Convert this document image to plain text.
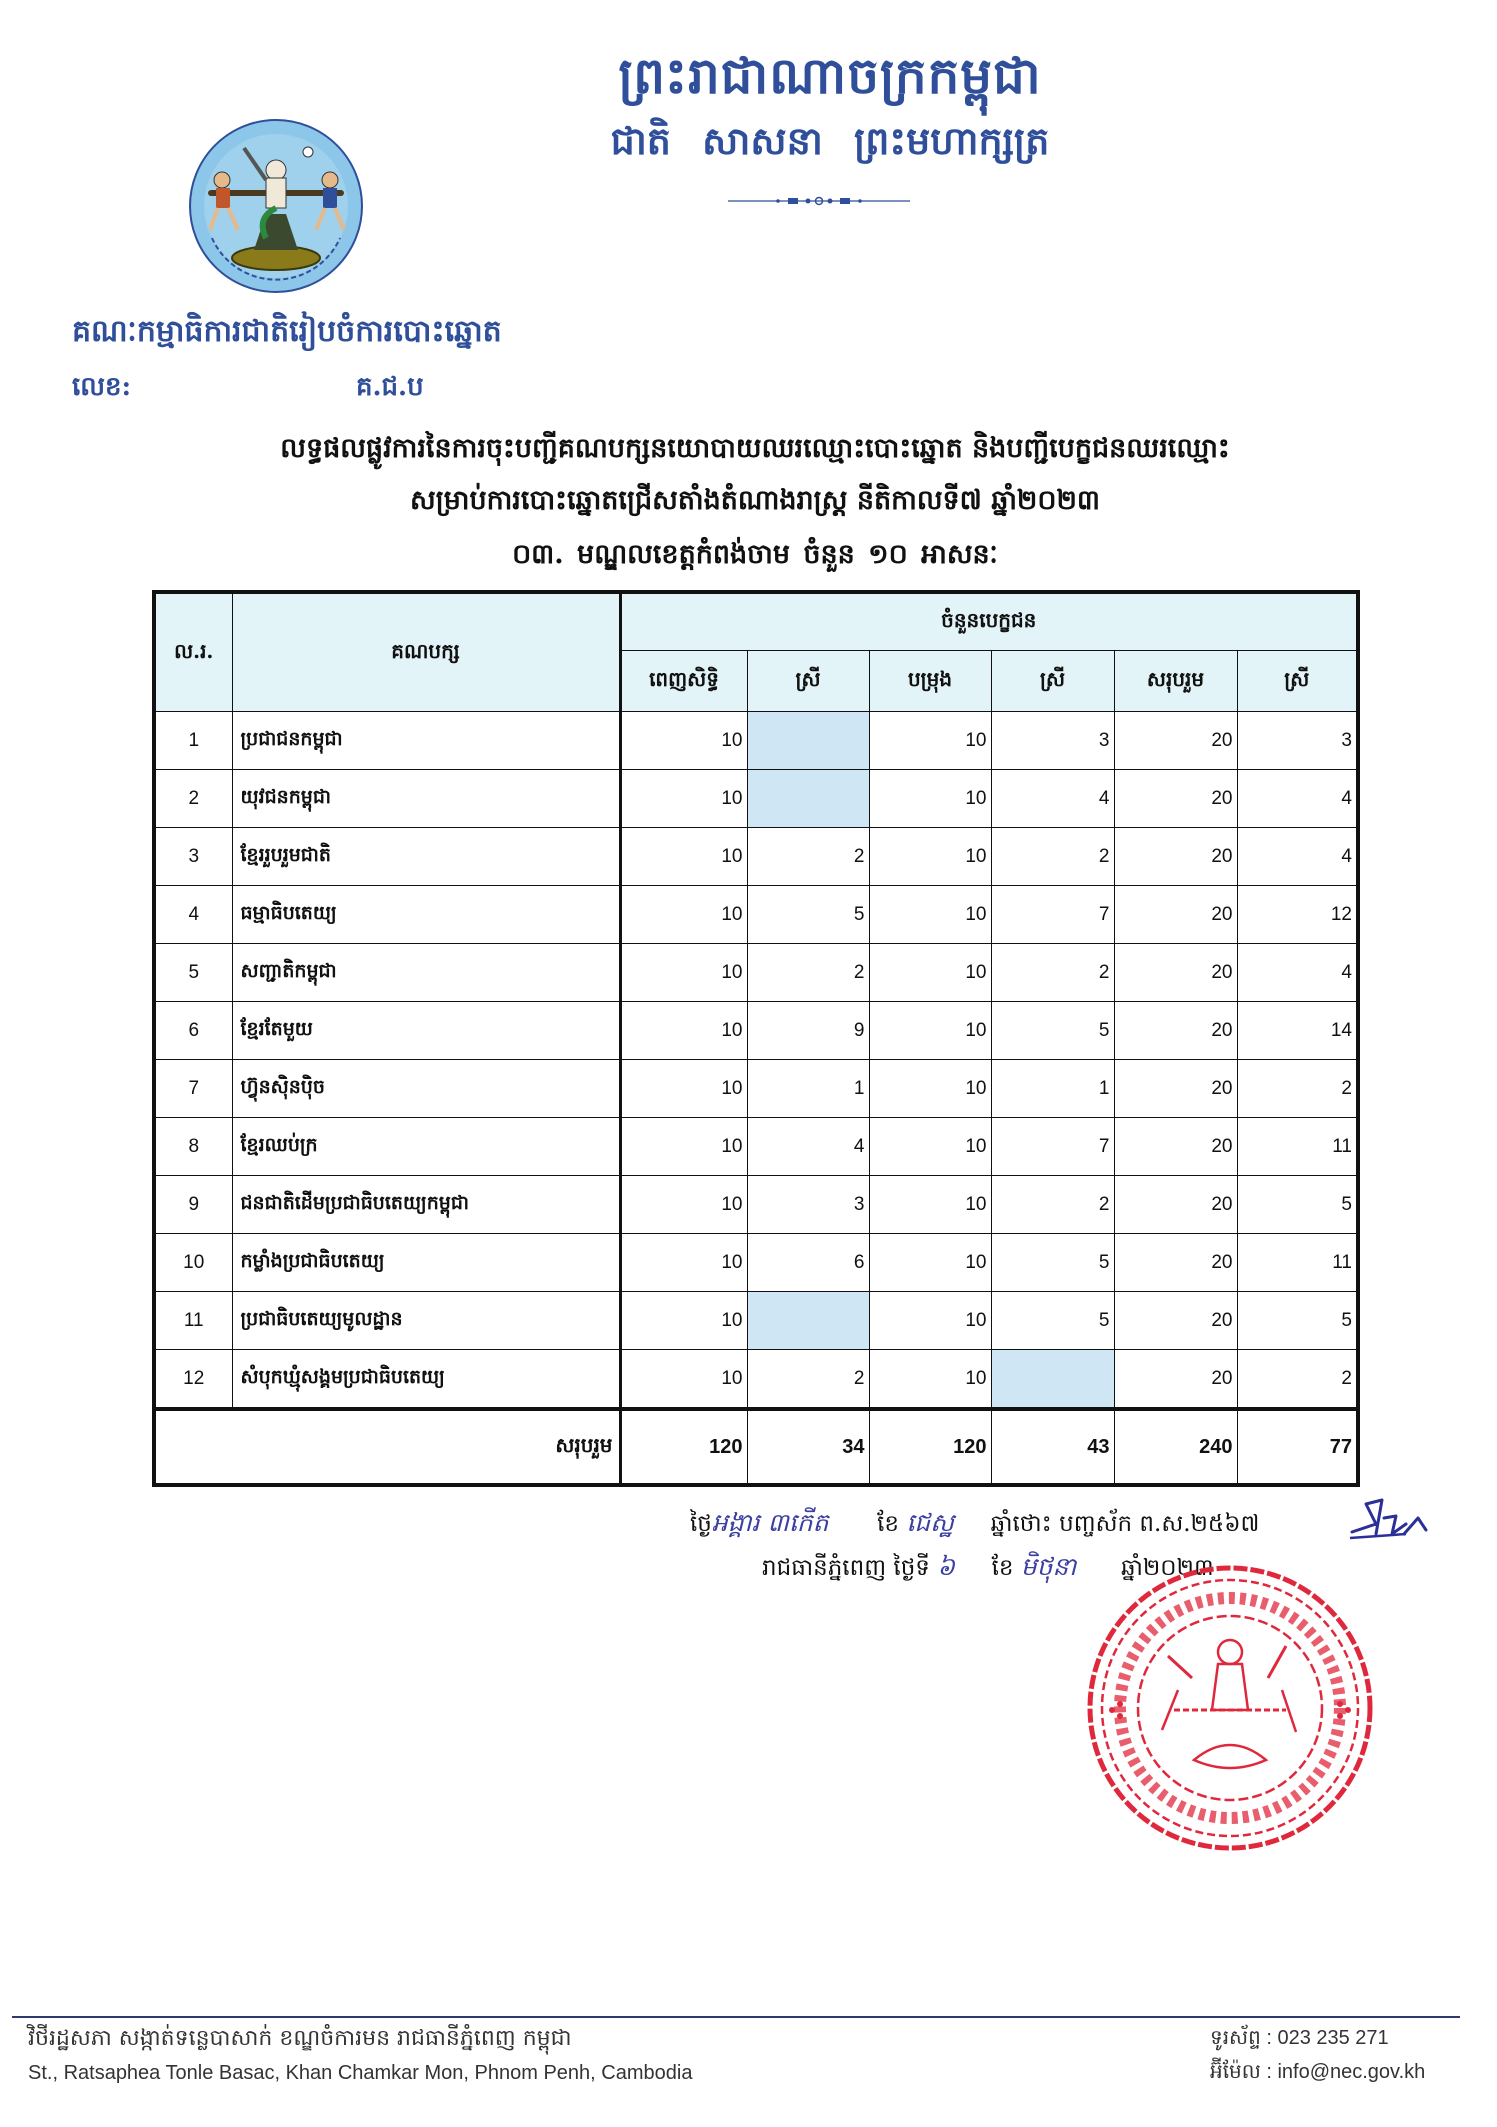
ព្រះរាជាណាចក្រកម្ពុជា
ជាតិ សាសនា ព្រះមហាក្សត្រ
គណៈកម្មាធិការជាតិរៀបចំការបោះឆ្នោត
លេខ:	គ.ជ.ប
លទ្ធផលផ្លូវការនៃការចុះបញ្ជីគណបក្សនយោបាយឈរឈ្មោះបោះឆ្នោត និងបញ្ជីបេក្ខជនឈរឈ្មោះ
សម្រាប់ការបោះឆ្នោតជ្រើសតាំងតំណាងរាស្ត្រ នីតិកាលទី៧ ឆ្នាំ២០២៣
០៣. មណ្ឌលខេត្តកំពង់ចាម ចំនួន ១០ អាសនៈ
ល.រ.	គណបក្ស	ចំនួនបេក្ខជន					
		ពេញសិទ្ធិ	ស្រី	បម្រុង	ស្រី	សរុបរួម	ស្រី
1	ប្រជាជនកម្ពុជា	10		10	3	20	3
2	យុវជនកម្ពុជា	10		10	4	20	4
3	ខ្មែររួបរួមជាតិ	10	2	10	2	20	4
4	ធម្មាធិបតេយ្យ	10	5	10	7	20	12
5	សញ្ជាតិកម្ពុជា	10	2	10	2	20	4
6	ខ្មែរតែមួយ	10	9	10	5	20	14
7	ហ៊្វុនស៊ិនប៉ិច	10	1	10	1	20	2
8	ខ្មែរឈប់ក្រ	10	4	10	7	20	11
9	ជនជាតិដើមប្រជាធិបតេយ្យកម្ពុជា	10	3	10	2	20	5
10	កម្លាំងប្រជាធិបតេយ្យ	10	6	10	5	20	11
11	ប្រជាធិបតេយ្យមូលដ្ឋាន	10		10	5	20	5
12	សំបុកឃ្មុំសង្គមប្រជាធិបតេយ្យ	10	2	10		20	2
សរុបរួម		120	34	120	43	240	77
ថ្ងៃអង្គារ ៣កេីត ខែ ជេស្ឋ ឆ្នាំថោះ បញ្ចស័ក ព.ស.២៥៦៧
រាជធានីភ្នំពេញ ថ្ងៃទី ៦ ខែ មិថុនា ឆ្នាំ២០២៣
វិថីរដ្ឋសភា សង្កាត់ទន្លេបាសាក់ ខណ្ឌចំការមន រាជធានីភ្នំពេញ កម្ពុជា
St., Ratsaphea Tonle Basac, Khan Chamkar Mon, Phnom Penh, Cambodia
ទូរស័ព្ទ : 023 235 271
អ៊ីម៉ែល : info@nec.gov.kh
